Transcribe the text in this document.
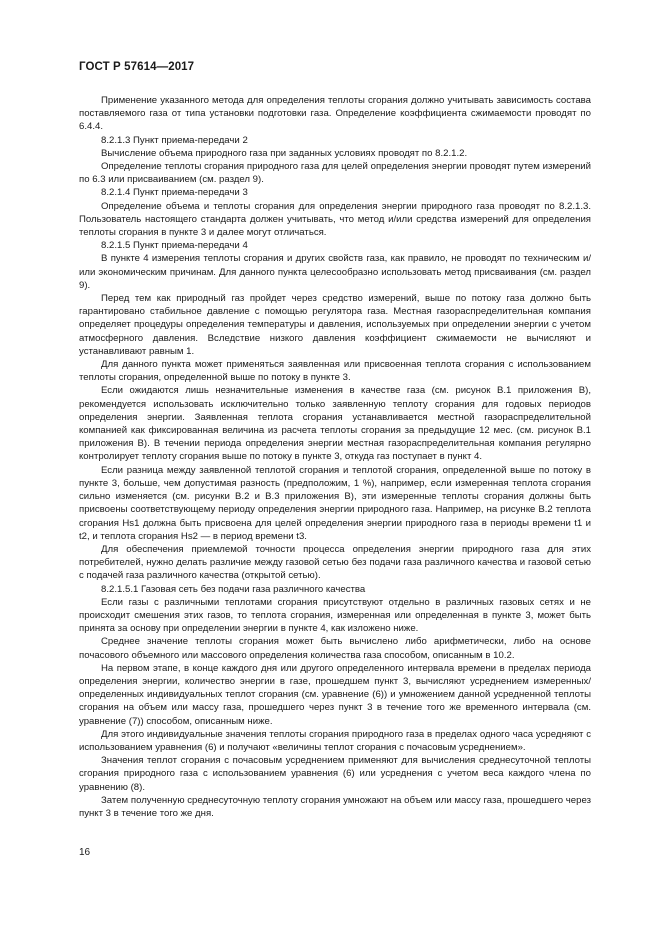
ГОСТ Р 57614—2017

Применение указанного метода для определения теплоты сгорания должно учитывать зависимость состава поставляемого газа от типа установки подготовки газа. Определение коэффициента сжимаемости проводят по 6.4.4.

8.2.1.3 Пункт приема-передачи 2

Вычисление объема природного газа при заданных условиях проводят по 8.2.1.2.

Определение теплоты сгорания природного газа для целей определения энергии проводят путем измерений по 6.3 или присваиванием (см. раздел 9).

8.2.1.4 Пункт приема-передачи 3

Определение объема и теплоты сгорания для определения энергии природного газа проводят по 8.2.1.3. Пользователь настоящего стандарта должен учитывать, что метод и/или средства измерений для определения теплоты сгорания в пункте 3 и далее могут отличаться.

8.2.1.5 Пункт приема-передачи 4

В пункте 4 измерения теплоты сгорания и других свойств газа, как правило, не проводят по техническим и/или экономическим причинам. Для данного пункта целесообразно использовать метод присваивания (см. раздел 9).

Перед тем как природный газ пройдет через средство измерений, выше по потоку газа должно быть гарантировано стабильное давление с помощью регулятора газа. Местная газораспределительная компания определяет процедуры определения температуры и давления, используемых при определении энергии с учетом атмосферного давления. Вследствие низкого давления коэффициент сжимаемости не вычисляют и устанавливают равным 1.

Для данного пункта может применяться заявленная или присвоенная теплота сгорания с использованием теплоты сгорания, определенной выше по потоку в пункте 3.

Если ожидаются лишь незначительные изменения в качестве газа (см. рисунок В.1 приложения В), рекомендуется использовать исключительно только заявленную теплоту сгорания для годовых периодов определения энергии. Заявленная теплота сгорания устанавливается местной газораспределительной компанией как фиксированная величина из расчета теплоты сгорания за предыдущие 12 мес. (см. рисунок В.1 приложения В). В течении периода определения энергии местная газораспределительная компания регулярно контролирует теплоту сгорания выше по потоку в пункте 3, откуда газ поступает в пункт 4.

Если разница между заявленной теплотой сгорания и теплотой сгорания, определенной выше по потоку в пункте 3, больше, чем допустимая разность (предположим, 1 %), например, если измеренная теплота сгорания сильно изменяется (см. рисунки В.2 и В.3 приложения В), эти измеренные теплоты сгорания должны быть присвоены соответствующему периоду определения энергии природного газа. Например, на рисунке В.2 теплота сгорания Hs1 должна быть присвоена для целей определения энергии природного газа в периоды времени t1 и t2, и теплота сгорания Hs2 — в период времени t3.

Для обеспечения приемлемой точности процесса определения энергии природного газа для этих потребителей, нужно делать различие между газовой сетью без подачи газа различного качества и газовой сетью с подачей газа различного качества (открытой сетью).

8.2.1.5.1 Газовая сеть без подачи газа различного качества

Если газы с различными теплотами сгорания присутствуют отдельно в различных газовых сетях и не происходит смешения этих газов, то теплота сгорания, измеренная или определенная в пункте 3, может быть принята за основу при определении энергии в пункте 4, как изложено ниже.

Среднее значение теплоты сгорания может быть вычислено либо арифметически, либо на основе почасового объемного или массового определения количества газа способом, описанным в 10.2.

На первом этапе, в конце каждого дня или другого определенного интервала времени в пределах периода определения энергии, количество энергии в газе, прошедшем пункт 3, вычисляют усреднением измеренных/определенных индивидуальных теплот сгорания (см. уравнение (6)) и умножением данной усредненной теплоты сгорания на объем или массу газа, прошедшего через пункт 3 в течение того же временного интервала (см. уравнение (7)) способом, описанным ниже.

Для этого индивидуальные значения теплоты сгорания природного газа в пределах одного часа усредняют с использованием уравнения (6) и получают «величины теплот сгорания с почасовым усреднением».

Значения теплот сгорания с почасовым усреднением применяют для вычисления среднесуточной теплоты сгорания природного газа с использованием уравнения (6) или усреднения с учетом веса каждого члена по уравнению (8).

Затем полученную среднесуточную теплоту сгорания умножают на объем или массу газа, прошедшего через пункт 3 в течение того же дня.

16
